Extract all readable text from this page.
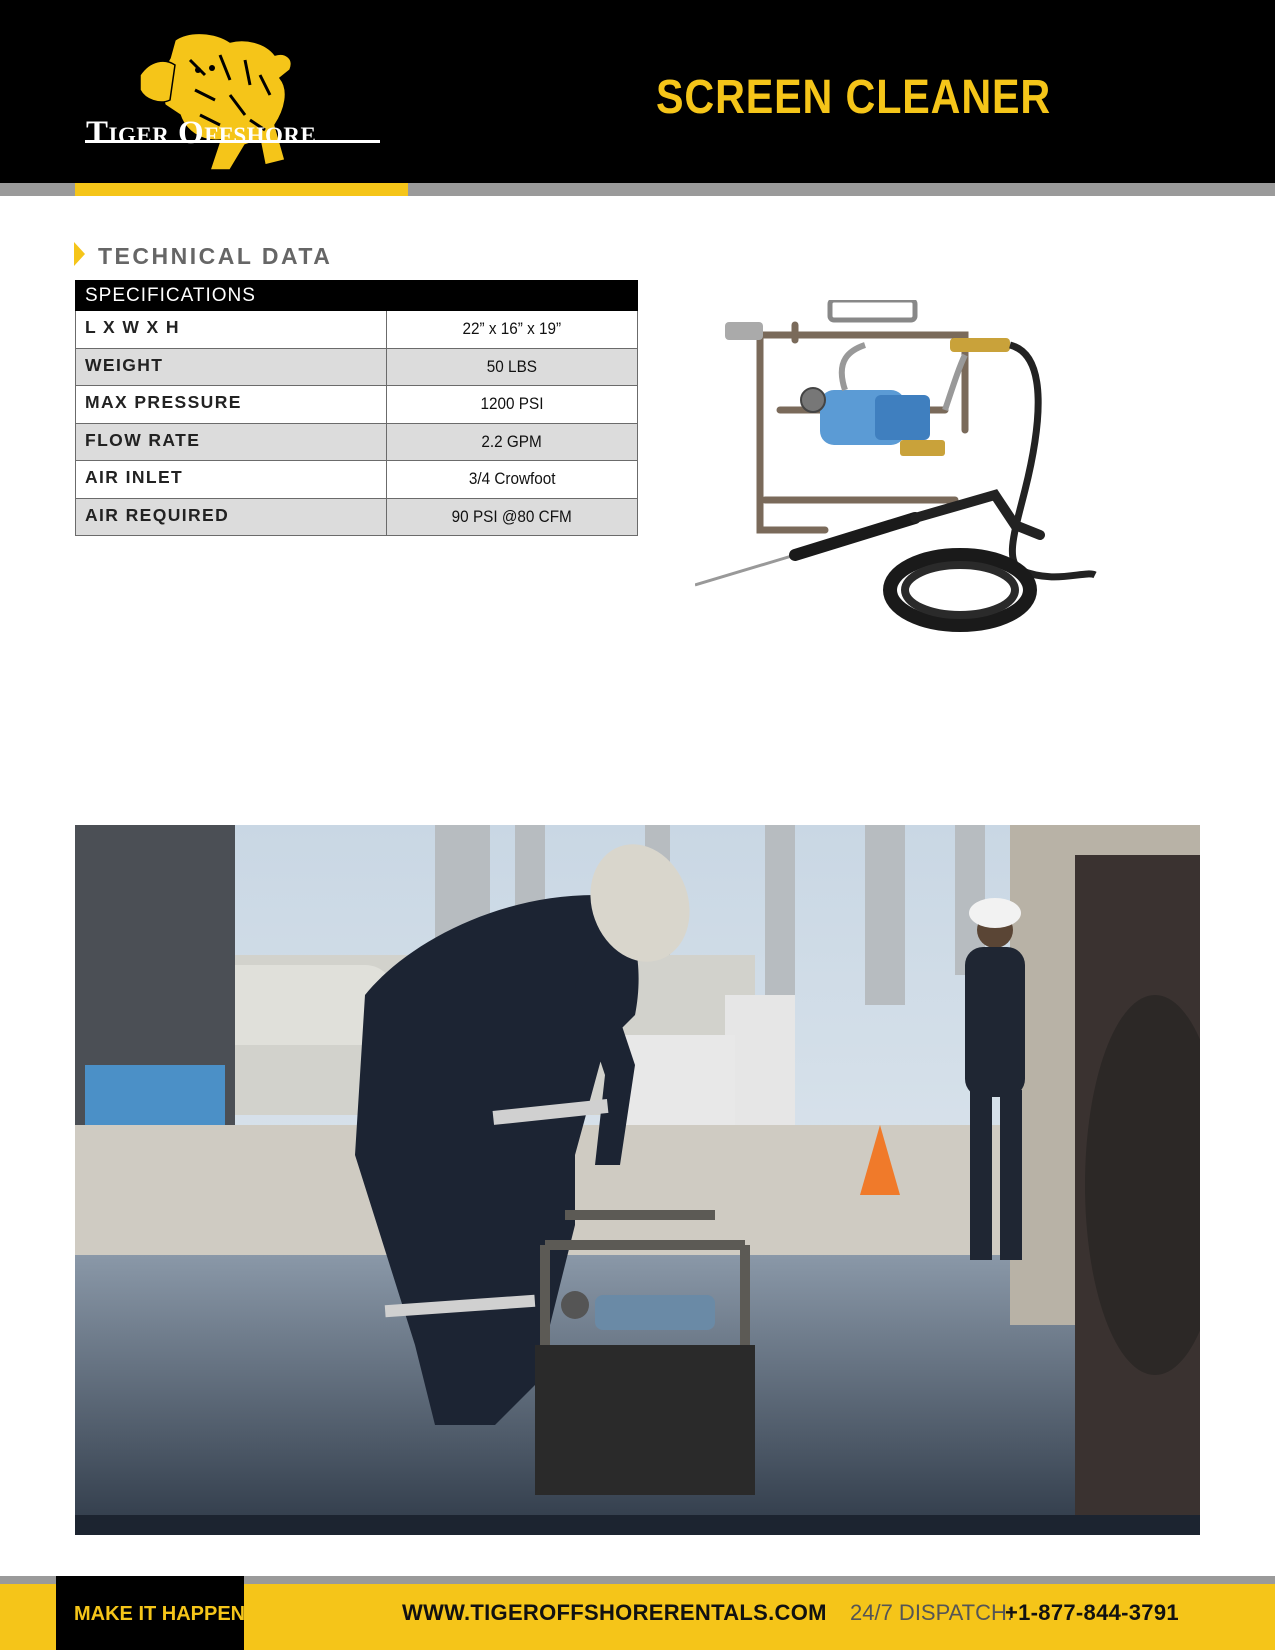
Tiger Offshore
SCREEN CLEANER
TECHNICAL DATA
SPECIFICATIONS	
L X W X H	22” x 16” x 19”
WEIGHT	50 LBS
MAX PRESSURE	1200 PSI
FLOW RATE	2.2 GPM
AIR INLET	3/4 Crowfoot
AIR REQUIRED	90 PSI @80 CFM
MAKE IT HAPPEN	WWW.TIGEROFFSHORERENTALS.COM 24/7 DISPATCH:
+1-877-844-3791
